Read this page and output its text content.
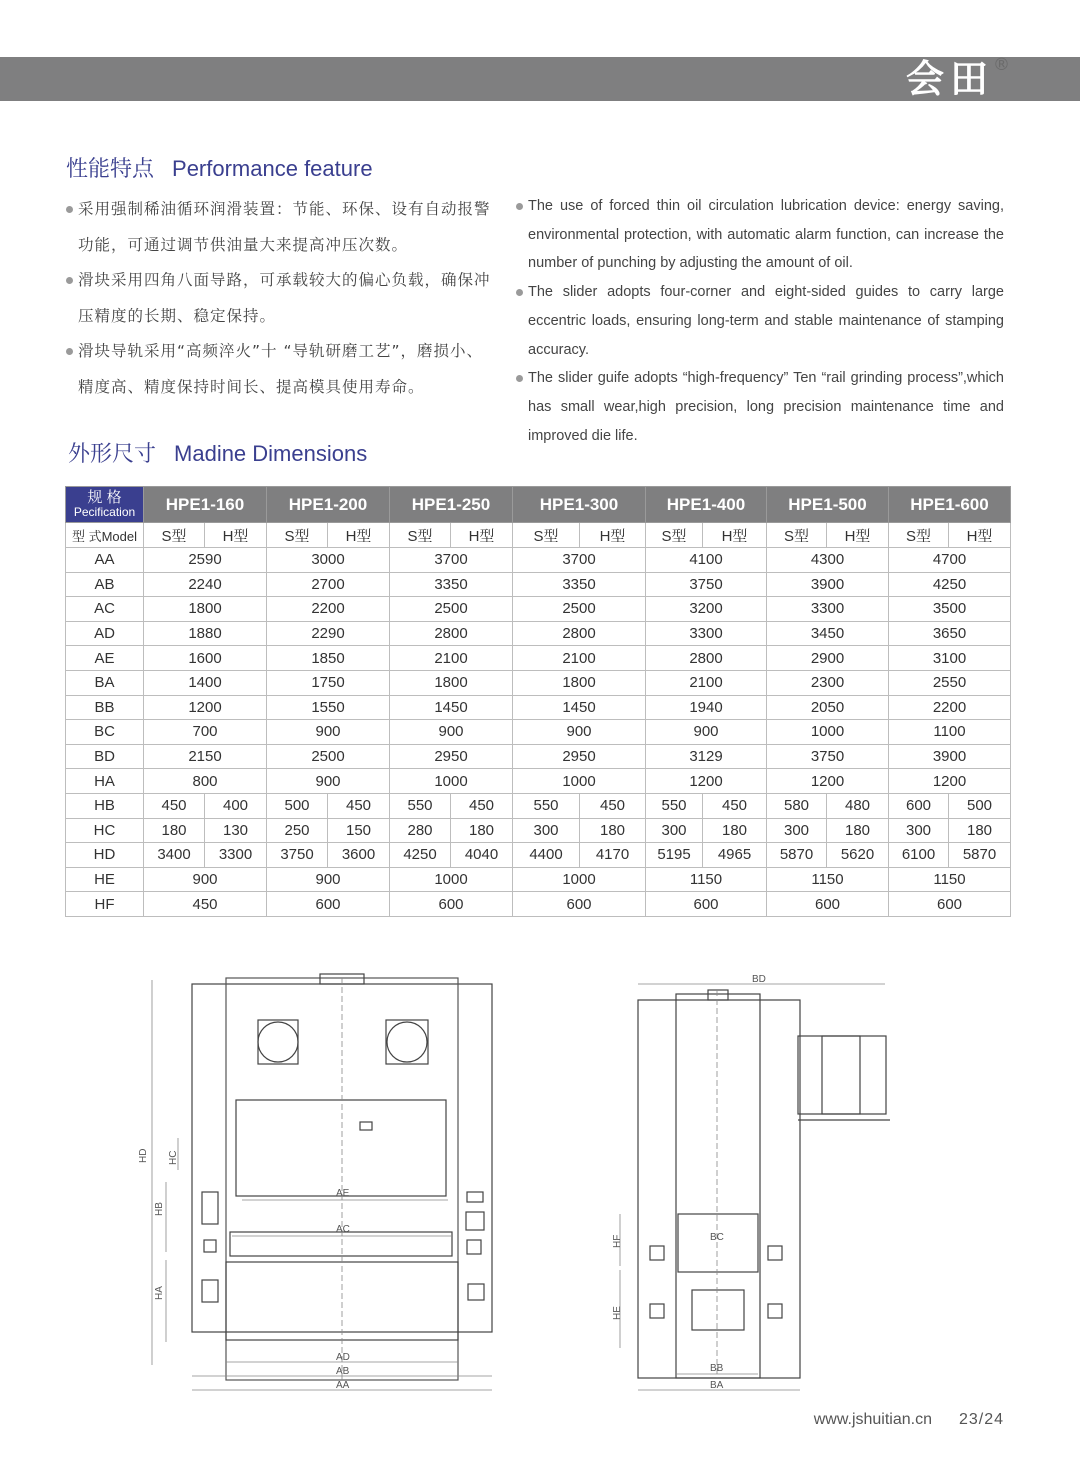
会田 ®
性能特点 Performance feature
采用强制稀油循环润滑装置：节能、环保、设有自动报警功能，可通过调节供油量大来提高冲压次数。
滑块采用四角八面导路，可承载较大的偏心负载，确保冲压精度的长期、稳定保持。
滑块导轨采用“高频淬火”十 “导轨研磨工艺”，磨损小、精度高、精度保持时间长、提高模具使用寿命。
The use of forced thin oil circulation lubrication device: energy saving, environmental protection, with automatic alarm function, can increase the number of punching by adjusting the amount of oil.
The slider adopts four-corner and eight-sided guides to carry large eccentric loads, ensuring long-term and stable maintenance of stamping accuracy.
The slider guife adopts “high-frequency” Ten “rail grinding process”,which has small wear,high precision, long precision maintenance time and improved die life.
外形尺寸 Madine Dimensions
规 格
Pecification	HPE1-160		HPE1-200		HPE1-250		HPE1-300		HPE1-400		HPE1-500		HPE1-600	
型 式Model	S型	H型	S型	H型	S型	H型	S型	H型	S型	H型	S型	H型	S型	H型
AA	2590		3000		3700		3700		4100		4300		4700	
AB	2240		2700		3350		3350		3750		3900		4250	
AC	1800		2200		2500		2500		3200		3300		3500	
AD	1880		2290		2800		2800		3300		3450		3650	
AE	1600		1850		2100		2100		2800		2900		3100	
BA	1400		1750		1800		1800		2100		2300		2550	
BB	1200		1550		1450		1450		1940		2050		2200	
BC	700		900		900		900		900		1000		1100	
BD	2150		2500		2950		2950		3129		3750		3900	
HA	800		900		1000		1000		1200		1200		1200	
HB	450	400	500	450	550	450	550	450	550	450	580	480	600	500
HC	180	130	250	150	280	180	300	180	300	180	300	180	300	180
HD	3400	3300	3750	3600	4250	4040	4400	4170	5195	4965	5870	5620	6100	5870
HE	900		900		1000		1000		1150		1150		1150	
HF	450		600		600		600		600		600		600	
HD HC
HB
HA
AE
AC
AD
AB
AA
BD
BC
HF
HE
BB
BA
www.jshuitian.cn 23/24
